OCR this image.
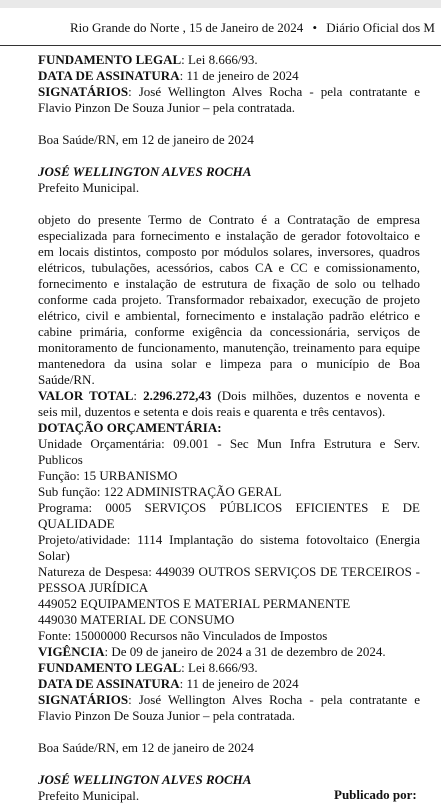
Rio Grande do Norte , 15 de Janeiro de 2024 • Diário Oficial dos M

FUNDAMENTO LEGAL: Lei 8.666/93.

DATA DE ASSINATURA: 11 de jeneiro de 2024

SIGNATÁRIOS: José Wellington Alves Rocha - pela contratante e Flavio Pinzon De Souza Junior – pela contratada.

Boa Saúde/RN, em 12 de janeiro de 2024

JOSÉ WELLINGTON ALVES ROCHA

Prefeito Municipal.

objeto do presente Termo de Contrato é a Contratação de empresa especializada para fornecimento e instalação de gerador fotovoltaico e em locais distintos, composto por módulos solares, inversores, quadros elétricos, tubulações, acessórios, cabos CA e CC e comissionamento, fornecimento e instalação de estrutura de fixação de solo ou telhado conforme cada projeto. Transformador rebaixador, execução de projeto elétrico, civil e ambiental, fornecimento e instalação padrão elétrico e cabine primária, conforme exigência da concessionária, serviços de monitoramento de funcionamento, manutenção, treinamento para equipe mantenedora da usina solar e limpeza para o município de Boa Saúde/RN.

VALOR TOTAL: 2.296.272,43 (Dois milhões, duzentos e noventa e seis mil, duzentos e setenta e dois reais e quarenta e três centavos).

DOTAÇÃO ORÇAMENTÁRIA:

Unidade Orçamentária: 09.001 - Sec Mun Infra Estrutura e Serv. Publicos

Função: 15 URBANISMO

Sub função: 122 ADMINISTRAÇÃO GERAL

Programa: 0005 SERVIÇOS PÚBLICOS EFICIENTES E DE QUALIDADE

Projeto/atividade: 1114 Implantação do sistema fotovoltaico (Energia Solar)

Natureza de Despesa: 449039 OUTROS SERVIÇOS DE TERCEIROS - PESSOA JURÍDICA

449052 EQUIPAMENTOS E MATERIAL PERMANENTE

449030 MATERIAL DE CONSUMO

Fonte: 15000000 Recursos não Vinculados de Impostos

VIGÊNCIA: De 09 de janeiro de 2024 a 31 de dezembro de 2024.

FUNDAMENTO LEGAL: Lei 8.666/93.

DATA DE ASSINATURA: 11 de jeneiro de 2024

SIGNATÁRIOS: José Wellington Alves Rocha - pela contratante e Flavio Pinzon De Souza Junior – pela contratada.

Boa Saúde/RN, em 12 de janeiro de 2024

JOSÉ WELLINGTON ALVES ROCHA

Prefeito Municipal.	Publicado por:
